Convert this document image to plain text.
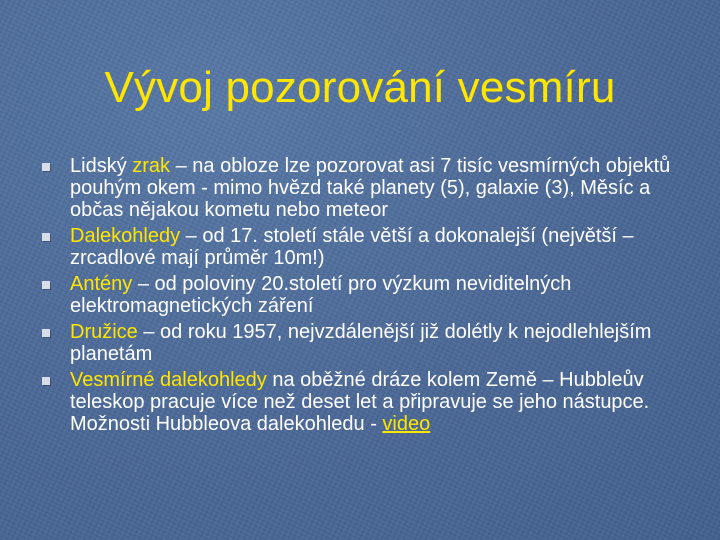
Vývoj pozorování vesmíru
Lidský zrak – na obloze lze pozorovat asi 7 tisíc vesmírných objektů pouhým okem - mimo hvězd také planety (5), galaxie (3), Měsíc a občas nějakou kometu nebo meteor
Dalekohledy – od 17. století stále větší a dokonalejší (největší – zrcadlové mají průměr 10m!)
Antény – od poloviny 20.století pro výzkum neviditelných elektromagnetických záření
Družice – od roku 1957, nejvzdálenější již dolétly k nejodlehlejším planetám
Vesmírné dalekohledy na oběžné dráze kolem Země – Hubbleův teleskop pracuje více než deset let a připravuje se jeho nástupce. Možnosti Hubbleova dalekohledu - video
